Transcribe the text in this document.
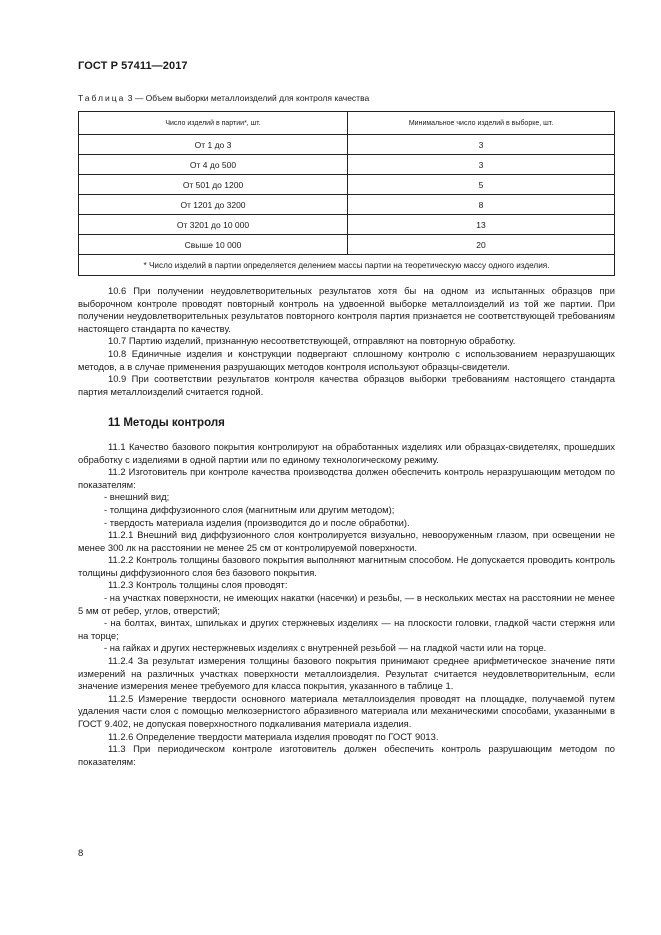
ГОСТ Р 57411—2017
Таблица 3 — Объем выборки металлоизделий для контроля качества
Число изделий в партии*, шт.	Минимальное число изделий в выборке, шт.
От 1 до 3	3
От 4 до 500	3
От 501 до 1200	5
От 1201 до 3200	8
От 3201 до 10 000	13
Свыше 10 000	20
* Число изделий в партии определяется делением массы партии на теоретическую массу одного изделия.	

10.6 При получении неудовлетворительных результатов хотя бы на одном из испытанных образцов при выборочном контроле проводят повторный контроль на удвоенной выборке металлоизделий из той же партии. При получении неудовлетворительных результатов повторного контроля партия признается не соответствующей требованиям настоящего стандарта по качеству.

10.7 Партию изделий, признанную несоответствующей, отправляют на повторную обработку.

10.8 Единичные изделия и конструкции подвергают сплошному контролю с использованием неразрушающих методов, а в случае применения разрушающих методов контроля используют образцы-свидетели.

10.9 При соответствии результатов контроля качества образцов выборки требованиям настоящего стандарта партия металлоизделий считается годной.

11 Методы контроля

11.1 Качество базового покрытия контролируют на обработанных изделиях или образцах-свидетелях, прошедших обработку с изделиями в одной партии или по единому технологическому режиму.

11.2 Изготовитель при контроле качества производства должен обеспечить контроль неразрушающим методом по показателям:

- внешний вид;

- толщина диффузионного слоя (магнитным или другим методом);

- твердость материала изделия (производится до и после обработки).

11.2.1 Внешний вид диффузионного слоя контролируется визуально, невооруженным глазом, при освещении не менее 300 лк на расстоянии не менее 25 см от контролируемой поверхности.

11.2.2 Контроль толщины базового покрытия выполняют магнитным способом. Не допускается проводить контроль толщины диффузионного слоя без базового покрытия.

11.2.3 Контроль толщины слоя проводят:

- на участках поверхности, не имеющих накатки (насечки) и резьбы, — в нескольких местах на расстоянии не менее 5 мм от ребер, углов, отверстий;

- на болтах, винтах, шпильках и других стержневых изделиях — на плоскости головки, гладкой части стержня или на торце;

- на гайках и других нестержневых изделиях с внутренней резьбой — на гладкой части или на торце.

11.2.4 За результат измерения толщины базового покрытия принимают среднее арифметическое значение пяти измерений на различных участках поверхности металлоизделия. Результат считается неудовлетворительным, если значение измерения менее требуемого для класса покрытия, указанного в таблице 1.

11.2.5 Измерение твердости основного материала металлоизделия проводят на площадке, получаемой путем удаления части слоя с помощью мелкозернистого абразивного материала или механическими способами, указанными в ГОСТ 9.402, не допуская поверхностного подкаливания материала изделия.

11.2.6 Определение твердости материала изделия проводят по ГОСТ 9013.

11.3 При периодическом контроле изготовитель должен обеспечить контроль разрушающим методом по показателям:

8
